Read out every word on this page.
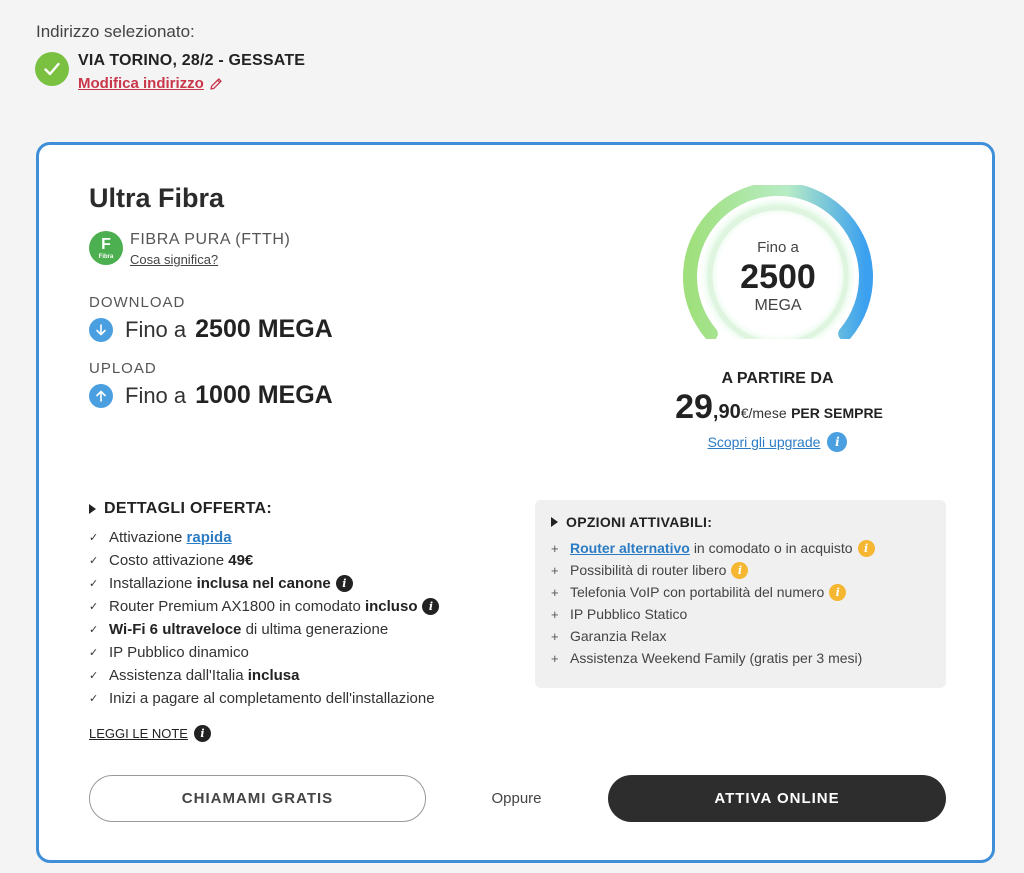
Indirizzo selezionato:
VIA TORINO, 28/2 - GESSATE
Modifica indirizzo
Ultra Fibra
F
Fibra
FIBRA PURA (FTTH)
Cosa significa?
DOWNLOAD
Fino a 2500 MEGA
UPLOAD
Fino a 1000 MEGA
Fino a
2500
MEGA
A PARTIRE DA
29,90€/mese PER SEMPRE
Scopri gli upgrade	i
DETTAGLI OFFERTA:
✓ Attivazione rapida
✓ Costo attivazione 49€
✓ Installazione inclusa nel canone	i
✓ Router Premium AX1800 in comodato incluso	i
✓ Wi-Fi 6 ultraveloce di ultima generazione
✓ IP Pubblico dinamico
✓ Assistenza dall'Italia inclusa
✓ Inizi a pagare al completamento dell'installazione
LEGGI LE NOTE	i
OPZIONI ATTIVABILI:
+ Router alternativo in comodato o in acquisto	i
+ Possibilità di router libero	i
+ Telefonia VoIP con portabilità del numero	i
+ IP Pubblico Statico
+ Garanzia Relax
+ Assistenza Weekend Family (gratis per 3 mesi)
CHIAMAMI GRATIS	Oppure	ATTIVA ONLINE
